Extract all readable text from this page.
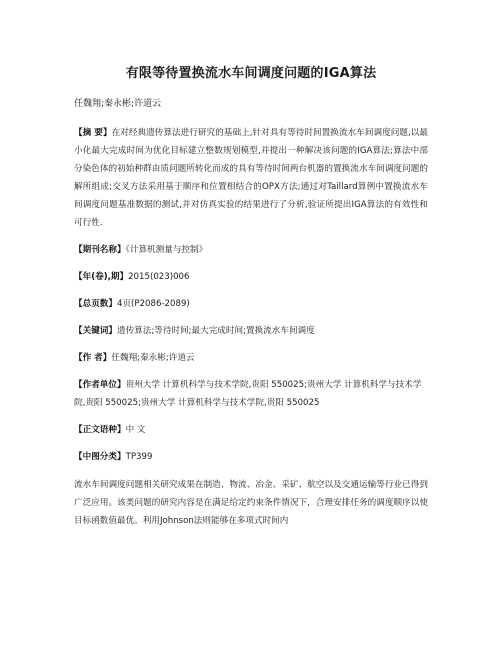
有限等待置换流水车间调度问题的IGA算法
任魏翔;秦永彬;许道云

【摘 要】在对经典遗传算法进行研究的基础上,针对具有等待时间置换流水车间调度问题,以最小化最大完成时间为优化目标建立整数规划模型,并提出一种解决该问题的IGA算法;算法中部分染色体的初始种群由质问题所转化而成的具有等待时间两台机器的置换流水车间调度问题的解所组成;交叉方法采用基于顺序和位置相结合的OPX方法;通过对Taillard算例中置换流水车间调度问题基准数据的测试,并对仿真实验的结果进行了分析,验证所提出IGA算法的有效性和可行性.

【期刊名称】《计算机测量与控制》
【年(卷),期】2015(023)006
【总页数】4页(P2086-2089)
【关键词】遗传算法;等待时间;最大完成时间;置换流水车间调度
【作 者】任魏翔;秦永彬;许道云
【作者单位】贵州大学 计算机科学与技术学院,贵阳 550025;贵州大学 计算机科学与技术学院,贵阳 550025;贵州大学 计算机科学与技术学院,贵阳 550025
【正文语种】中 文
【中图分类】TP399

流水车间调度问题相关研究成果在制造、物流、冶金、采矿、航空以及交通运输等行业已得到广泛应用。该类问题的研究内容是在满足给定约束条件情况下，合理安排任务的调度顺序以使目标函数值最优。利用Johnson法则能够在多项式时间内
